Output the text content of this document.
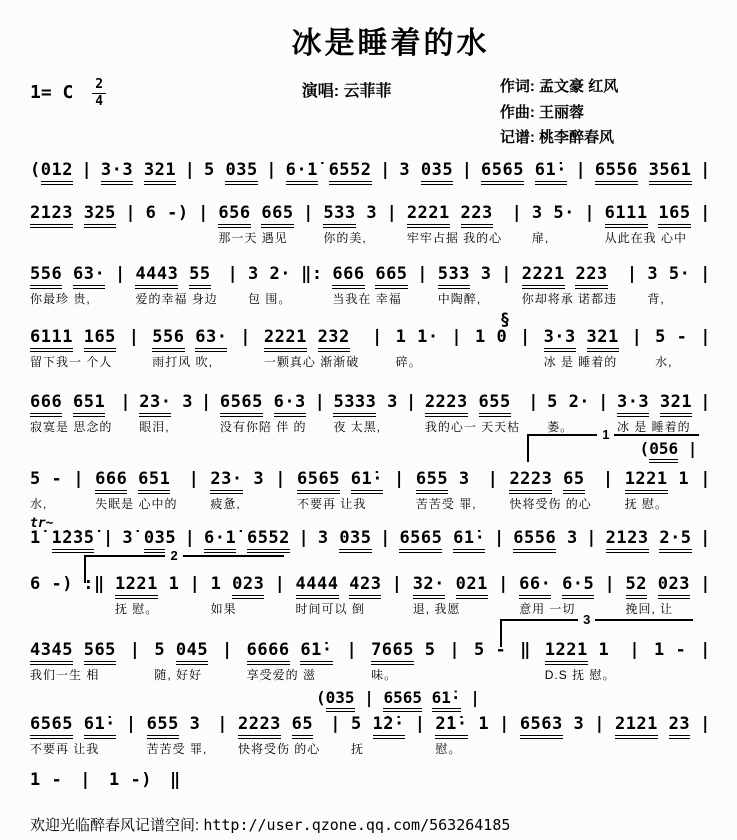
冰是睡着的水
1= C $\frac{2}{4}$	演唱: 云菲菲	作词: 孟文豪 红风
作曲: 王丽蓉
记谱: 桃李醉春风
(012 | 3·3 321 | 5 035 | 6·1̇ 6552 | 3 035 | 6565 61̇· | 6556 3561 |
2123 325 | 6 -) | 656 665
那一天 遇见
| 533 3
你的美,
| 2221 223
牢牢占据 我的心
| 3 5·
扉,
| 6111 165
从此在我 心中
|
556 63·
你最珍 贵,
| 4443 55
爱的幸福 身边
| 3 2·
包 围。
‖: 666 665
当我在 幸福
| 533 3
中陶醉,
| 2221 223
你却将承 诺都违
| 3 5·
背,
|
§
6111 165
留下我一 个人
| 556 63·
雨打风 吹,
| 2221 232
一颗真心 渐渐破
| 1 1·
碎。
| 1 0 | 3·3 321
冰 是 睡着的
| 5 -
水,
|
666 651
寂寞是 思念的
| 23· 3
眼泪,
| 6565 6·3
没有你陪 伴 的
| 5333 3
夜 太黑,
| 2223 655
我的心一 天天枯
| 5 2·
萎。
| 3·3 321
冰 是 睡着的
|
1
(056 |
5 -
水,
| 666 651
失眠是 心中的
| 23· 3
疲惫,
| 6565 61̇·
不要再 让我
| 655 3
苦苦受 罪,
| 2223 65
快将受伤 的心
| 1221 1
抚 慰。
|
tr~
1̇ 1̇2̇3̇5̇ | 3̇ 035 | 6·1̇ 6552 | 3 035 | 6565 61̇· | 6556 3 | 2123 2·5 |
2
6 -) :‖ 1221 1
抚 慰。
| 1 023
如果
| 4444 423
时间可以 倒
| 32· 021
退, 我愿
| 66· 6·5
意用 一切
| 52 023
挽回, 让
|
3
4345 565
我们一生 相
| 5 045
随, 好好
| 6666 61̇·
享受爱的 滋
| 7665 5
味。
| 5 - ‖ 1221 1
D.S 抚 慰。
| 1 - |
(035 | 6565 61̇· |
6565 61̇·
不要再 让我
| 655 3
苦苦受 罪,
| 2223 65
快将受伤 的心
| 5 1̇2̇·
抚
| 2̇1̇· 1
慰。
| 6563 3 | 2121 23 |
1 - | 1 -) ‖
欢迎光临醉春风记谱空间: http://user.qzone.qq.com/563264185
